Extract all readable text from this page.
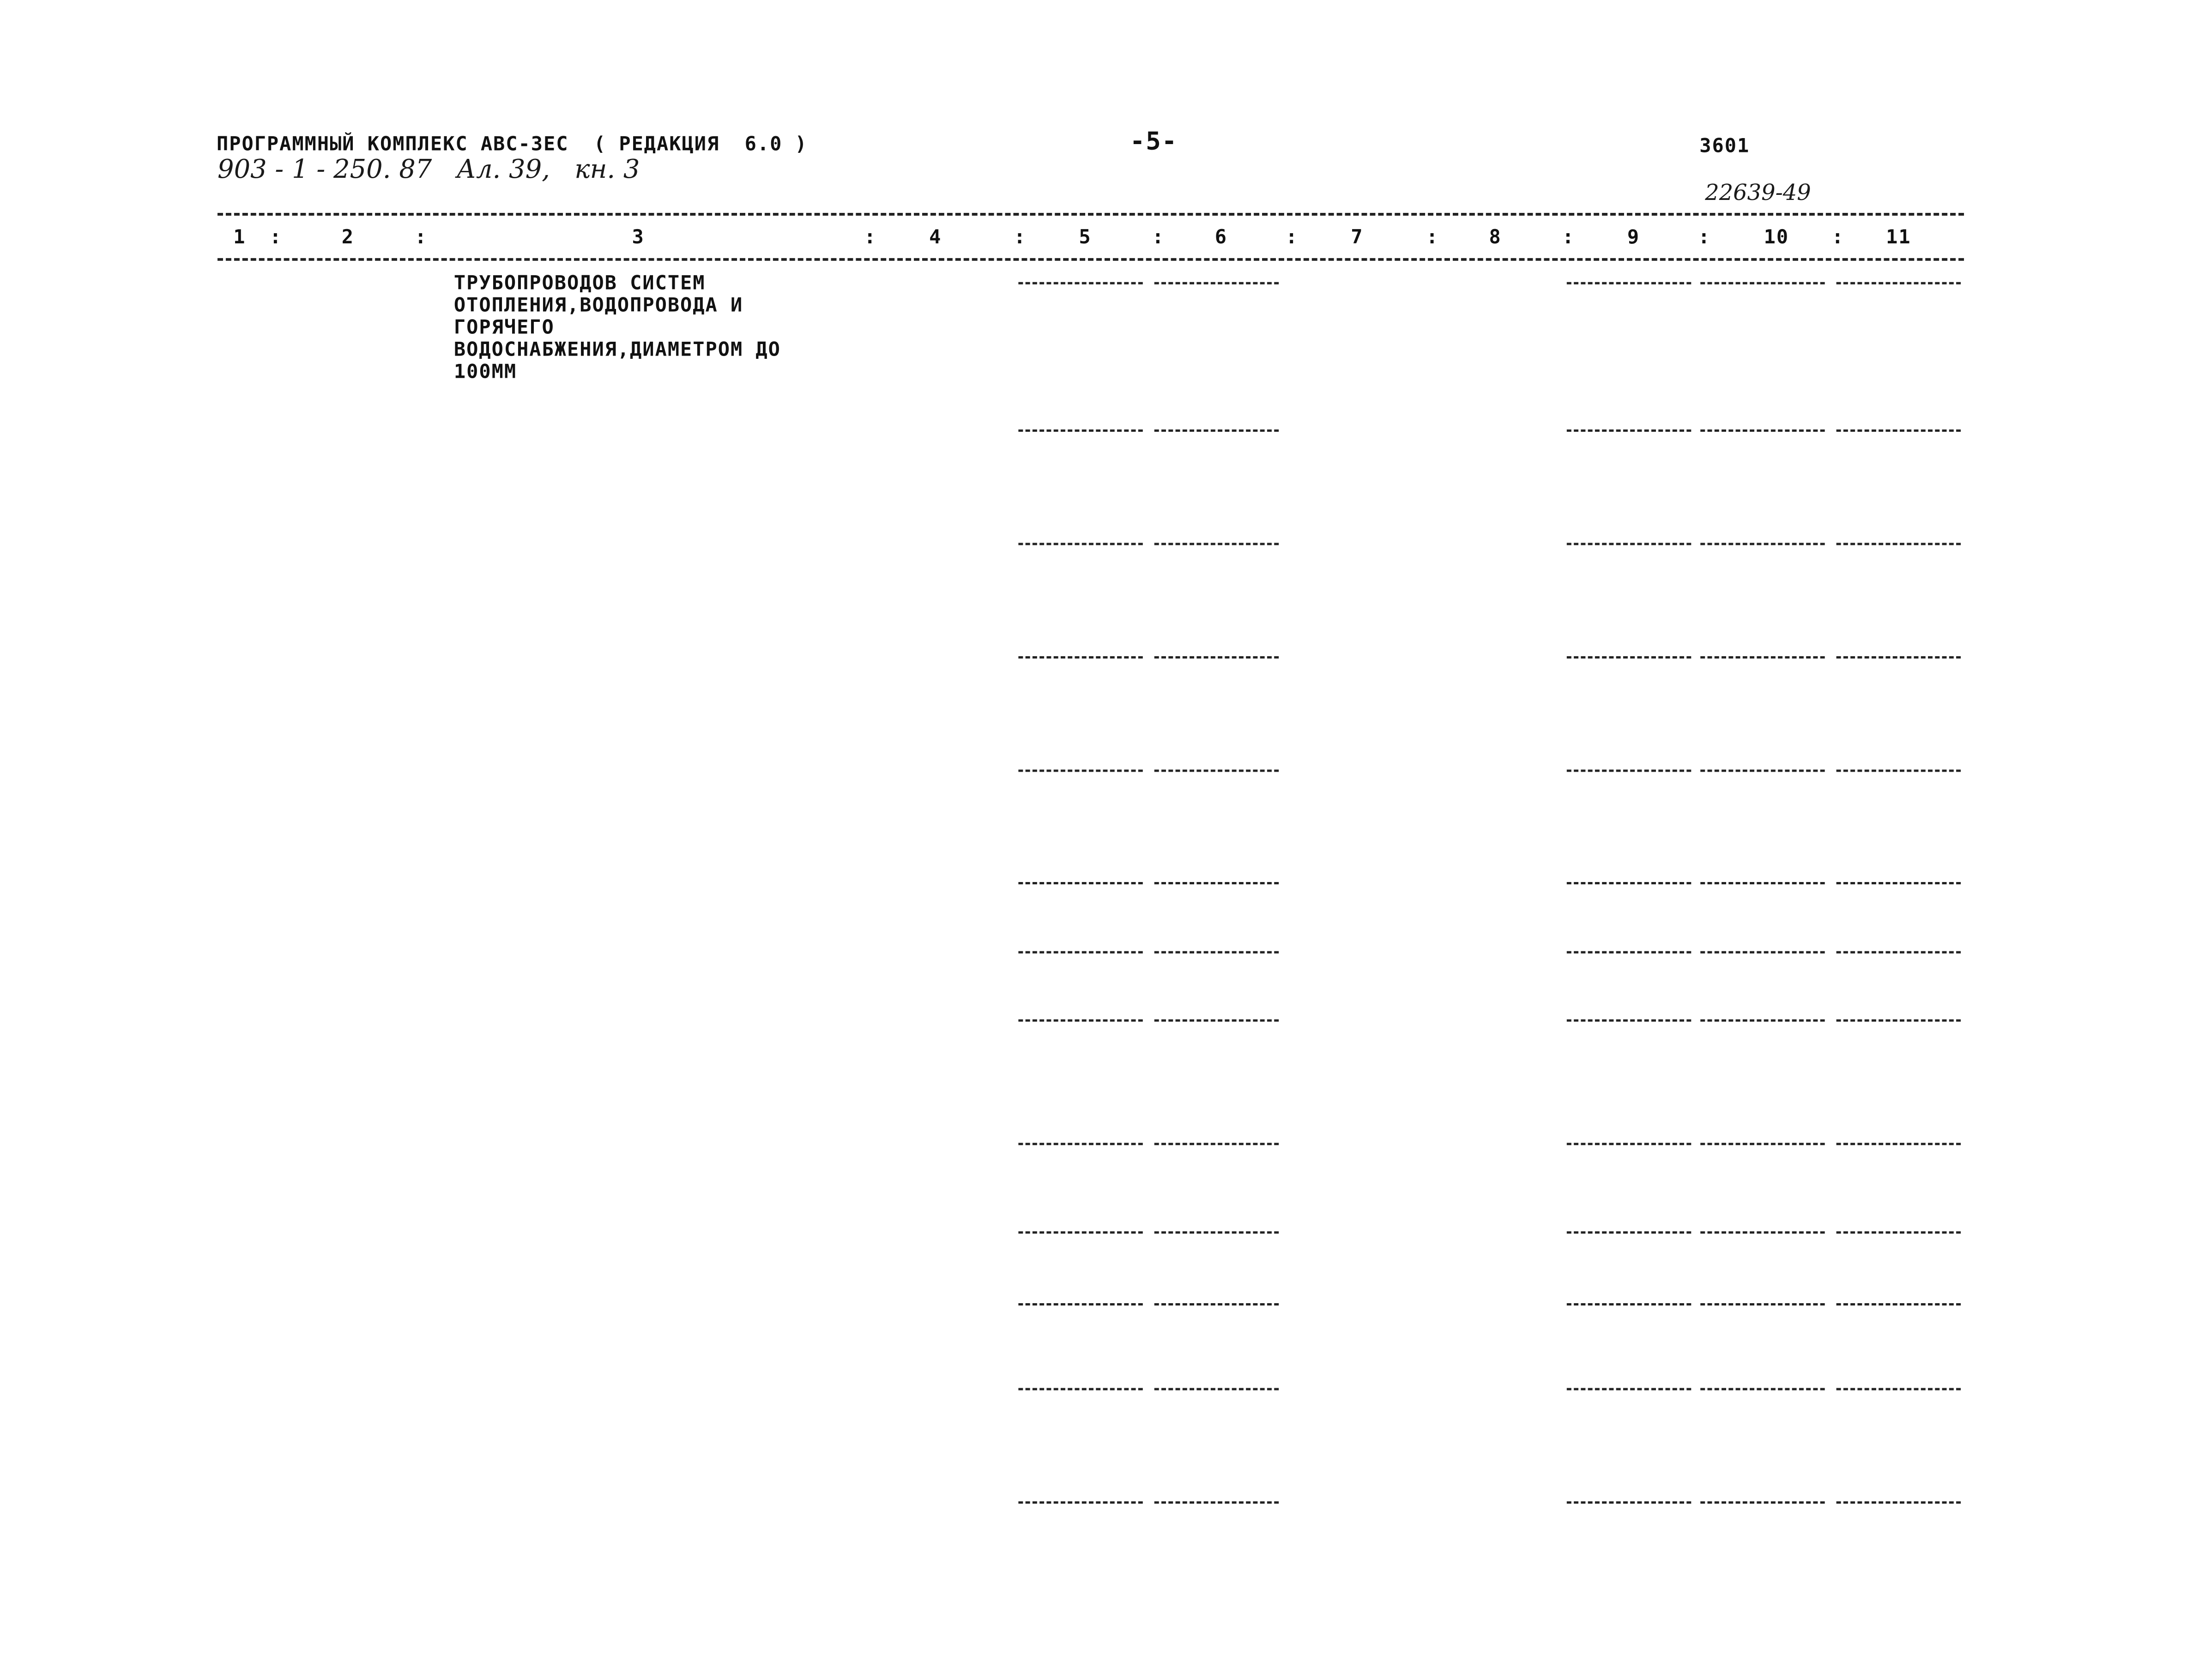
ПРОГРАММНЫЙ КОМПЛЕКС АВС-3ЕС  ( РЕДАКЦИЯ  6.0 )	-5-	3601
903 - 1 - 250. 87   Ал. 39,   кн. 3
22639-49
1	2	3	4	5	6	7	8	9	10	11
:	:	:	:	:	:	:	:	:	:
ТРУБОПРОВОДОВ СИСТЕМ
ОТОПЛЕНИЯ,ВОДОПРОВОДА И
ГОРЯЧЕГО
ВОДОСНАБЖЕНИЯ,ДИАМЕТРОМ ДО
100ММ
